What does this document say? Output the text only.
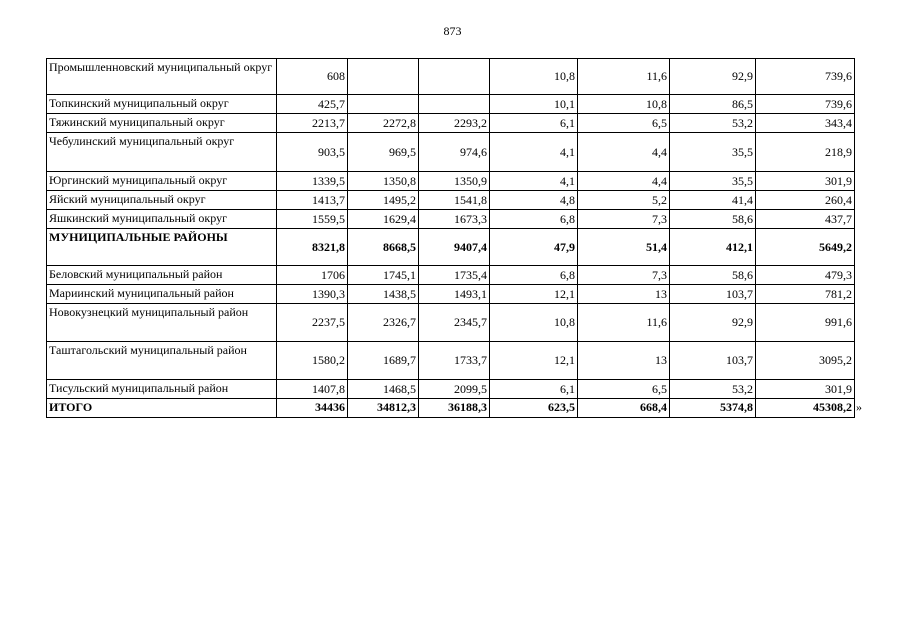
873
Промышленновский муниципальный округ	608			10,8	11,6	92,9	739,6
Топкинский муниципальный округ	425,7			10,1	10,8	86,5	739,6
Тяжинский муниципальный округ	2213,7	2272,8	2293,2	6,1	6,5	53,2	343,4
Чебулинский муниципальный округ	903,5	969,5	974,6	4,1	4,4	35,5	218,9
Юргинский муниципальный округ	1339,5	1350,8	1350,9	4,1	4,4	35,5	301,9
Яйский муниципальный округ	1413,7	1495,2	1541,8	4,8	5,2	41,4	260,4
Яшкинский муниципальный округ	1559,5	1629,4	1673,3	6,8	7,3	58,6	437,7
МУНИЦИПАЛЬНЫЕ РАЙОНЫ	8321,8	8668,5	9407,4	47,9	51,4	412,1	5649,2
Беловский муниципальный район	1706	1745,1	1735,4	6,8	7,3	58,6	479,3
Мариинский муниципальный район	1390,3	1438,5	1493,1	12,1	13	103,7	781,2
Новокузнецкий муниципальный район	2237,5	2326,7	2345,7	10,8	11,6	92,9	991,6
Таштагольский муниципальный район	1580,2	1689,7	1733,7	12,1	13	103,7	3095,2
Тисульский муниципальный район	1407,8	1468,5	2099,5	6,1	6,5	53,2	301,9
ИТОГО	34436	34812,3	36188,3	623,5	668,4	5374,8	45308,2 »
